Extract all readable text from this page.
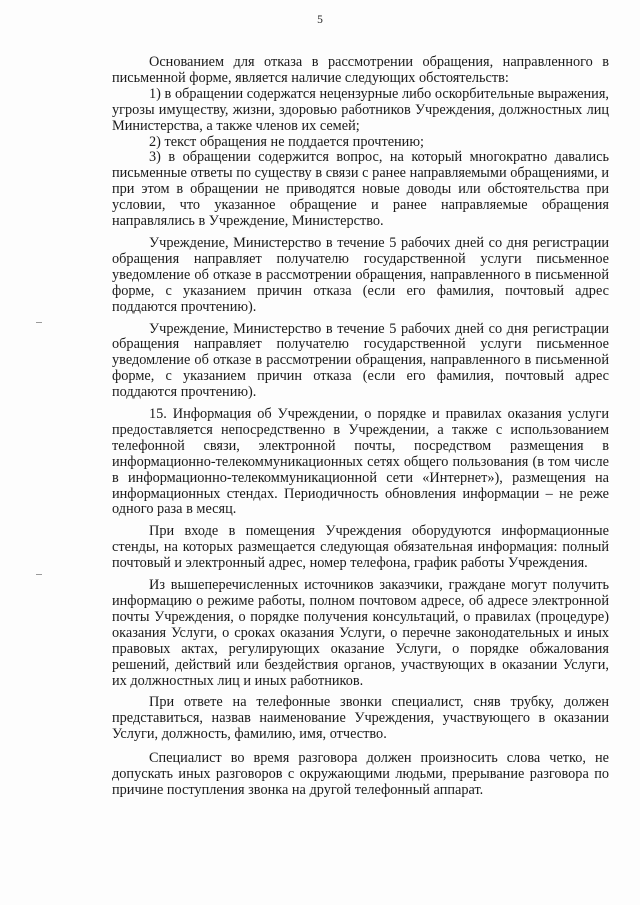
5

Основанием для отказа в рассмотрении обращения, направленного в письменной форме, является наличие следующих обстоятельств:

1) в обращении содержатся нецензурные либо оскорбительные выражения, угрозы имуществу, жизни, здоровью работников Учреждения, должностных лиц Министерства, а также членов их семей;

2) текст обращения не поддается прочтению;

3) в обращении содержится вопрос, на который многократно давались письменные ответы по существу в связи с ранее направляемыми обращениями, и при этом в обращении не приводятся новые доводы или обстоятельства при условии, что указанное обращение и ранее направляемые обращения направлялись в Учреждение, Министерство.

Учреждение, Министерство в течение 5 рабочих дней со дня регистрации обращения направляет получателю государственной услуги письменное уведомление об отказе в рассмотрении обращения, направленного в письменной форме, с указанием причин отказа (если его фамилия, почтовый адрес поддаются прочтению).

Учреждение, Министерство в течение 5 рабочих дней со дня регистрации обращения направляет получателю государственной услуги письменное уведомление об отказе в рассмотрении обращения, направленного в письменной форме, с указанием причин отказа (если его фамилия, почтовый адрес поддаются прочтению).

15. Информация об Учреждении, о порядке и правилах оказания услуги предоставляется непосредственно в Учреждении, а также с использованием телефонной связи, электронной почты, посредством размещения в информационно-телекоммуникационных сетях общего пользования (в том числе в информационно-телекоммуникационной сети «Интернет»), размещения на информационных стендах. Периодичность обновления информации – не реже одного раза в месяц.

При входе в помещения Учреждения оборудуются информационные стенды, на которых размещается следующая обязательная информация: полный почтовый и электронный адрес, номер телефона, график работы Учреждения.

Из вышеперечисленных источников заказчики, граждане могут получить информацию о режиме работы, полном почтовом адресе, об адресе электронной почты Учреждения, о порядке получения консультаций, о правилах (процедуре) оказания Услуги, о сроках оказания Услуги, о перечне законодательных и иных правовых актах, регулирующих оказание Услуги, о порядке обжалования решений, действий или бездействия органов, участвующих в оказании Услуги, их должностных лиц и иных работников.

При ответе на телефонные звонки специалист, сняв трубку, должен представиться, назвав наименование Учреждения, участвующего в оказании Услуги, должность, фамилию, имя, отчество.

Специалист во время разговора должен произносить слова четко, не допускать иных разговоров с окружающими людьми, прерывание разговора по причине поступления звонка на другой телефонный аппарат.
